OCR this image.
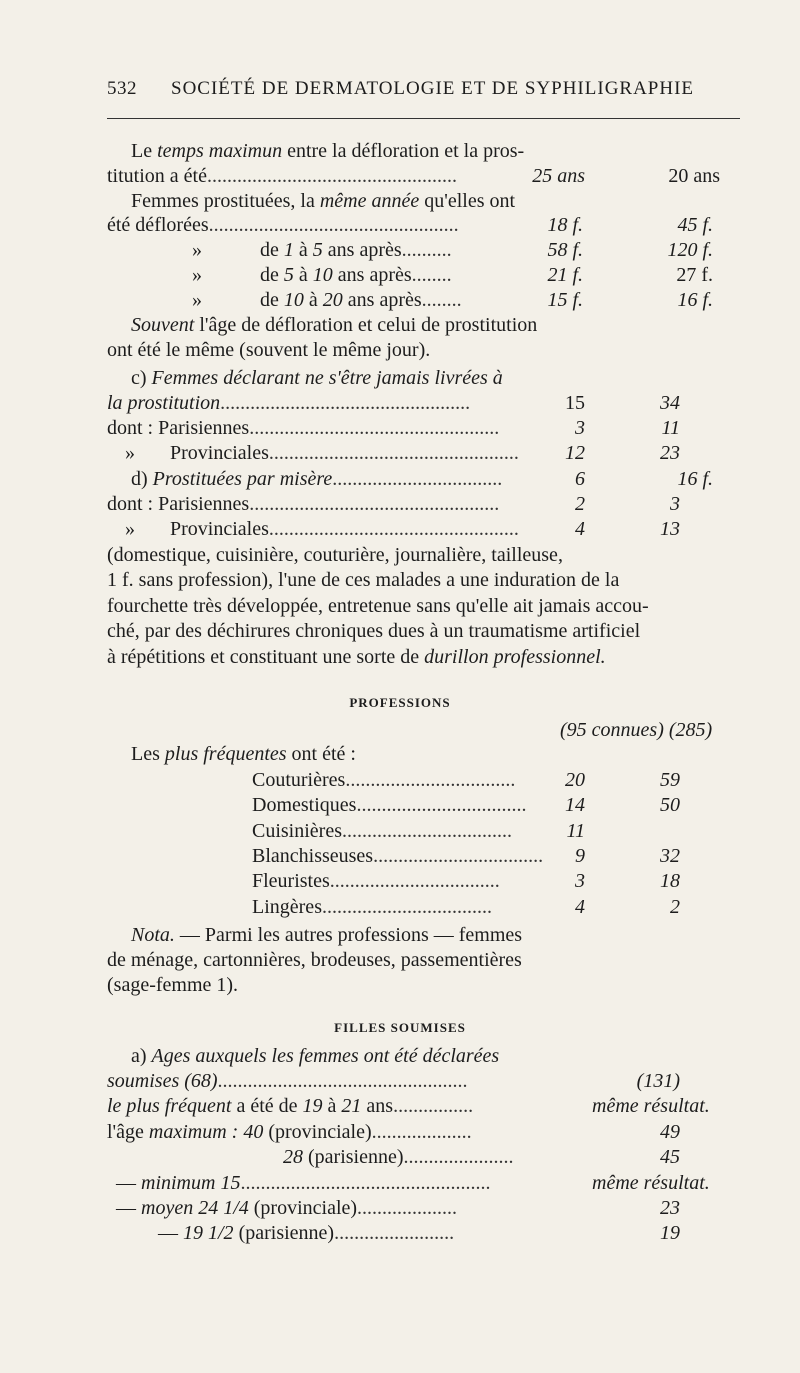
532 SOCIÉTÉ DE DERMATOLOGIE ET DE SYPHILIGRAPHIE
Le temps maximun entre la défloration et la pros-
titution a été..................................................	25 ans	20 ans
Femmes prostituées, la même année qu'elles ont
été déflorées..................................................	18 f.	45 f.
»	de 1 à 5 ans après..........	58 f.	120 f.
»	de 5 à 10 ans après........	21 f.	27 f.
»	de 10 à 20 ans après........	15 f.	16 f.
Souvent l'âge de défloration et celui de prostitution
ont été le même (souvent le même jour).
c) Femmes déclarant ne s'être jamais livrées à
la prostitution..................................................	15	34
dont : Parisiennes..................................................	3	11
» Provinciales..................................................	12	23
d) Prostituées par misère..................................	6	16 f.
dont : Parisiennes..................................................	2	3
» Provinciales..................................................	4	13
(domestique, cuisinière, couturière, journalière, tailleuse,
1 f. sans profession), l'une de ces malades a une induration de la
fourchette très développée, entretenue sans qu'elle ait jamais accou-
ché, par des déchirures chroniques dues à un traumatisme artificiel
à répétitions et constituant une sorte de durillon professionnel.
PROFESSIONS
(95 connues) (285)
Les plus fréquentes ont été :
Couturières..................................	20	59
Domestiques..................................	14	50
Cuisinières..................................	11
Blanchisseuses..................................	9	32
Fleuristes..................................	3	18
Lingères..................................	4	2
Nota. — Parmi les autres professions — femmes
de ménage, cartonnières, brodeuses, passementières
(sage-femme 1).
FILLES SOUMISES
a) Ages auxquels les femmes ont été déclarées
soumises (68)..................................................	(131)
le plus fréquent a été de 19 à 21 ans................	même résultat.
l'âge maximum : 40 (provinciale)....................	49
28 (parisienne)......................	45
— minimum 15..................................................	même résultat.
— moyen 24 1/4 (provinciale)....................	23
— 19 1/2 (parisienne)........................	19
